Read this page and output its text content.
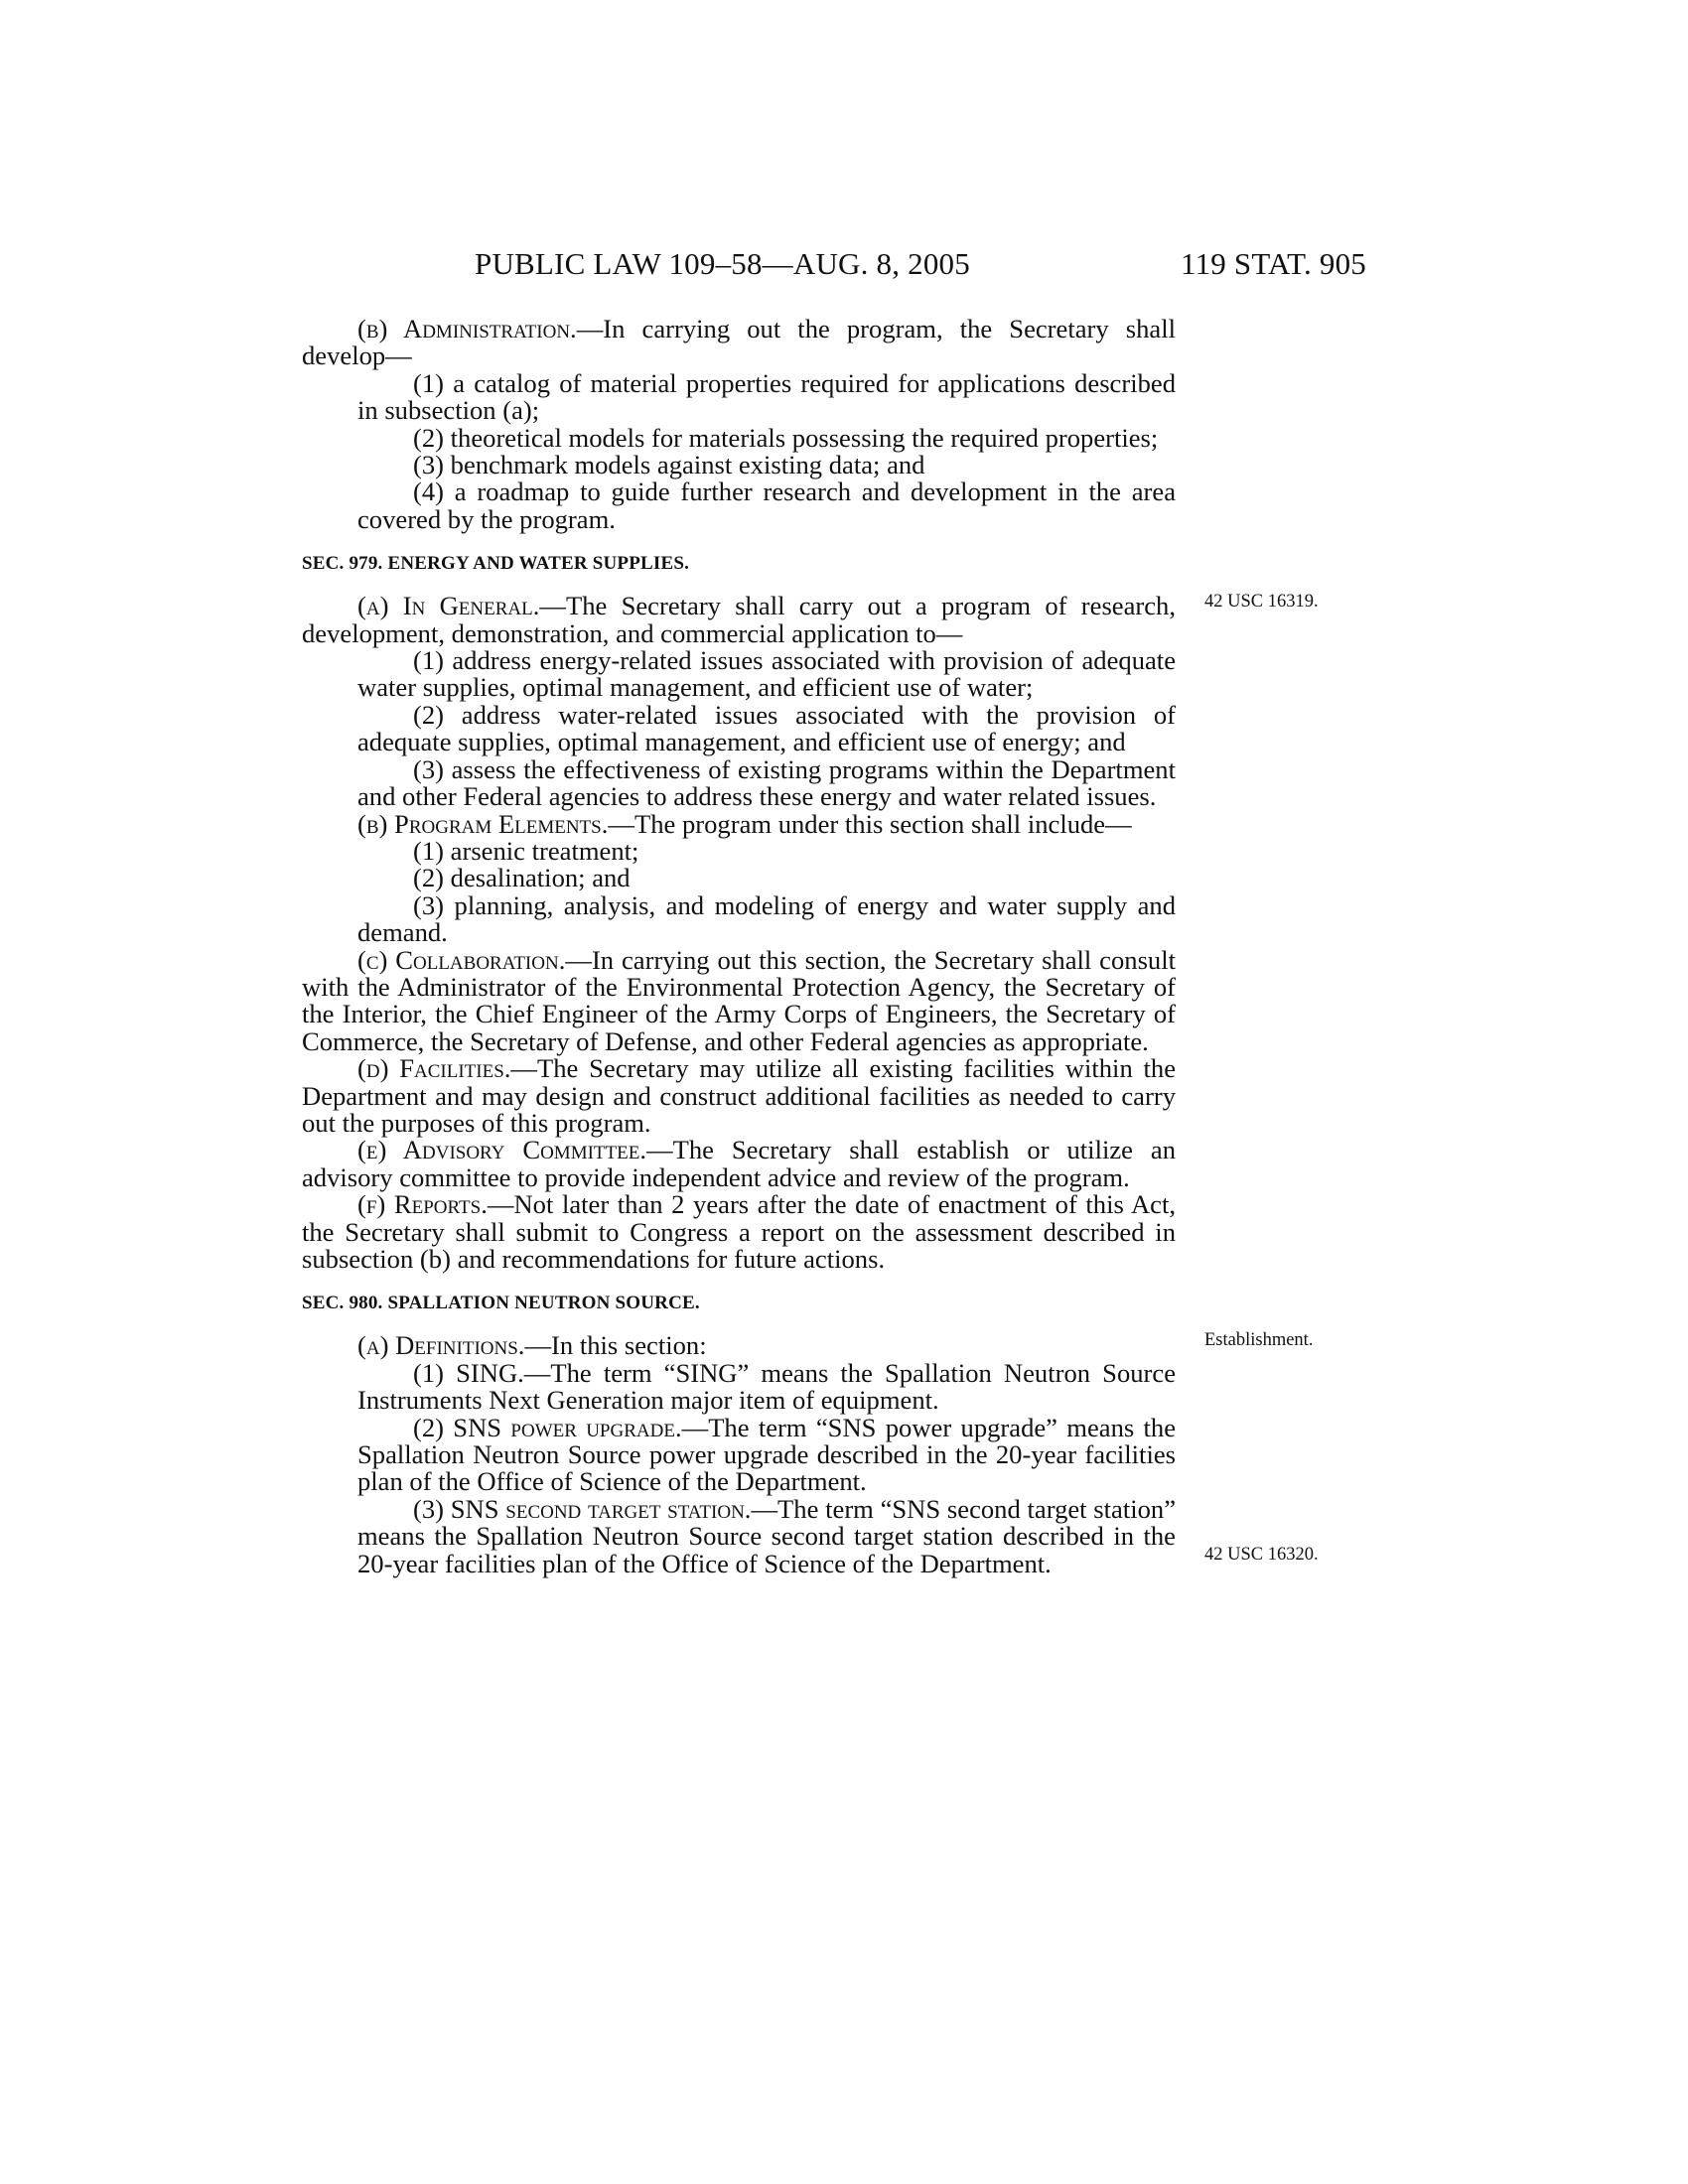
PUBLIC LAW 109–58—AUG. 8, 2005	119 STAT. 905

(b) Administration.—In carrying out the program, the Secretary shall develop—

(1) a catalog of material properties required for applications described in subsection (a);

(2) theoretical models for materials possessing the required properties;

(3) benchmark models against existing data; and

(4) a roadmap to guide further research and development in the area covered by the program.

SEC. 979. ENERGY AND WATER SUPPLIES.

(a) In General.—The Secretary shall carry out a program of research, development, demonstration, and commercial application to—

(1) address energy-related issues associated with provision of adequate water supplies, optimal management, and efficient use of water;

(2) address water-related issues associated with the provision of adequate supplies, optimal management, and efficient use of energy; and

(3) assess the effectiveness of existing programs within the Department and other Federal agencies to address these energy and water related issues.

(b) Program Elements.—The program under this section shall include—

(1) arsenic treatment;

(2) desalination; and

(3) planning, analysis, and modeling of energy and water supply and demand.

(c) Collaboration.—In carrying out this section, the Secretary shall consult with the Administrator of the Environmental Protection Agency, the Secretary of the Interior, the Chief Engineer of the Army Corps of Engineers, the Secretary of Commerce, the Secretary of Defense, and other Federal agencies as appropriate.

(d) Facilities.—The Secretary may utilize all existing facilities within the Department and may design and construct additional facilities as needed to carry out the purposes of this program.

(e) Advisory Committee.—The Secretary shall establish or utilize an advisory committee to provide independent advice and review of the program.

(f) Reports.—Not later than 2 years after the date of enactment of this Act, the Secretary shall submit to Congress a report on the assessment described in subsection (b) and recommendations for future actions.

SEC. 980. SPALLATION NEUTRON SOURCE.

(a) Definitions.—In this section:

(1) SING.—The term “SING” means the Spallation Neutron Source Instruments Next Generation major item of equipment.

(2) SNS power upgrade.—The term “SNS power upgrade” means the Spallation Neutron Source power upgrade described in the 20-year facilities plan of the Office of Science of the Department.

(3) SNS second target station.—The term “SNS second target station” means the Spallation Neutron Source second target station described in the 20-year facilities plan of the Office of Science of the Department.

42 USC 16319.
Establishment.
42 USC 16320.
